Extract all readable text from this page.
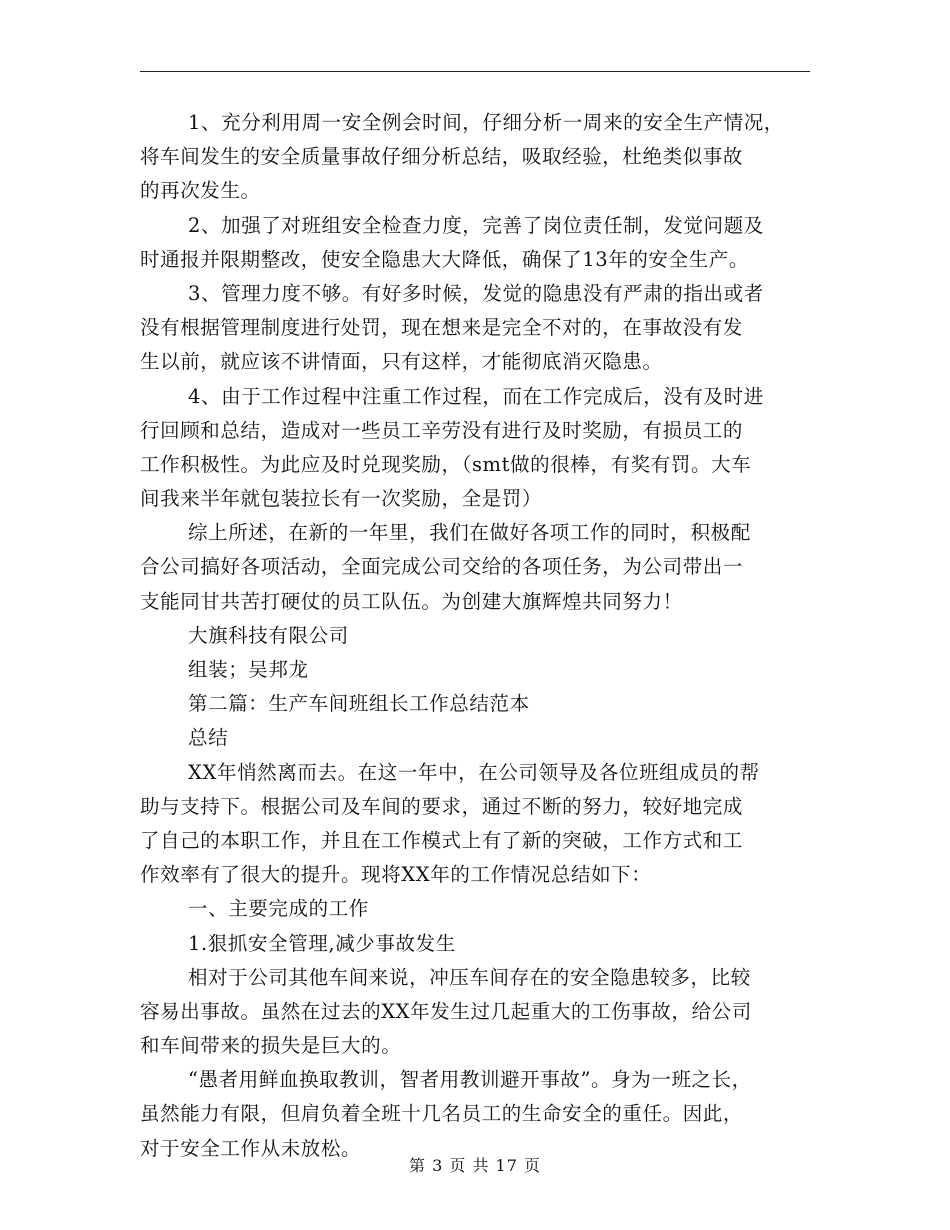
1、充分利用周一安全例会时间，仔细分析一周来的安全生产情况，
将车间发生的安全质量事故仔细分析总结，吸取经验，杜绝类似事故
的再次发生。
2、加强了对班组安全检查力度，完善了岗位责任制，发觉问题及
时通报并限期整改，使安全隐患大大降低，确保了13年的安全生产。
3、管理力度不够。有好多时候，发觉的隐患没有严肃的指出或者
没有根据管理制度进行处罚，现在想来是完全不对的，在事故没有发
生以前，就应该不讲情面，只有这样，才能彻底消灭隐患。
4、由于工作过程中注重工作过程，而在工作完成后，没有及时进
行回顾和总结，造成对一些员工辛劳没有进行及时奖励，有损员工的
工作积极性。为此应及时兑现奖励，（smt做的很棒，有奖有罚。大车
间我来半年就包装拉长有一次奖励，全是罚）
综上所述，在新的一年里，我们在做好各项工作的同时，积极配
合公司搞好各项活动，全面完成公司交给的各项任务，为公司带出一
支能同甘共苦打硬仗的员工队伍。为创建大旗辉煌共同努力！
大旗科技有限公司
组装；吴邦龙
第二篇：生产车间班组长工作总结范本
总结
XX年悄然离而去。在这一年中，在公司领导及各位班组成员的帮
助与支持下。根据公司及车间的要求，通过不断的努力，较好地完成
了自己的本职工作，并且在工作模式上有了新的突破，工作方式和工
作效率有了很大的提升。现将XX年的工作情况总结如下：
一、主要完成的工作
1.狠抓安全管理,减少事故发生
相对于公司其他车间来说，冲压车间存在的安全隐患较多，比较
容易出事故。虽然在过去的XX年发生过几起重大的工伤事故，给公司
和车间带来的损失是巨大的。
“愚者用鲜血换取教训，智者用教训避开事故”。身为一班之长，
虽然能力有限，但肩负着全班十几名员工的生命安全的重任。因此，
对于安全工作从未放松。
第 3 页 共 17 页
